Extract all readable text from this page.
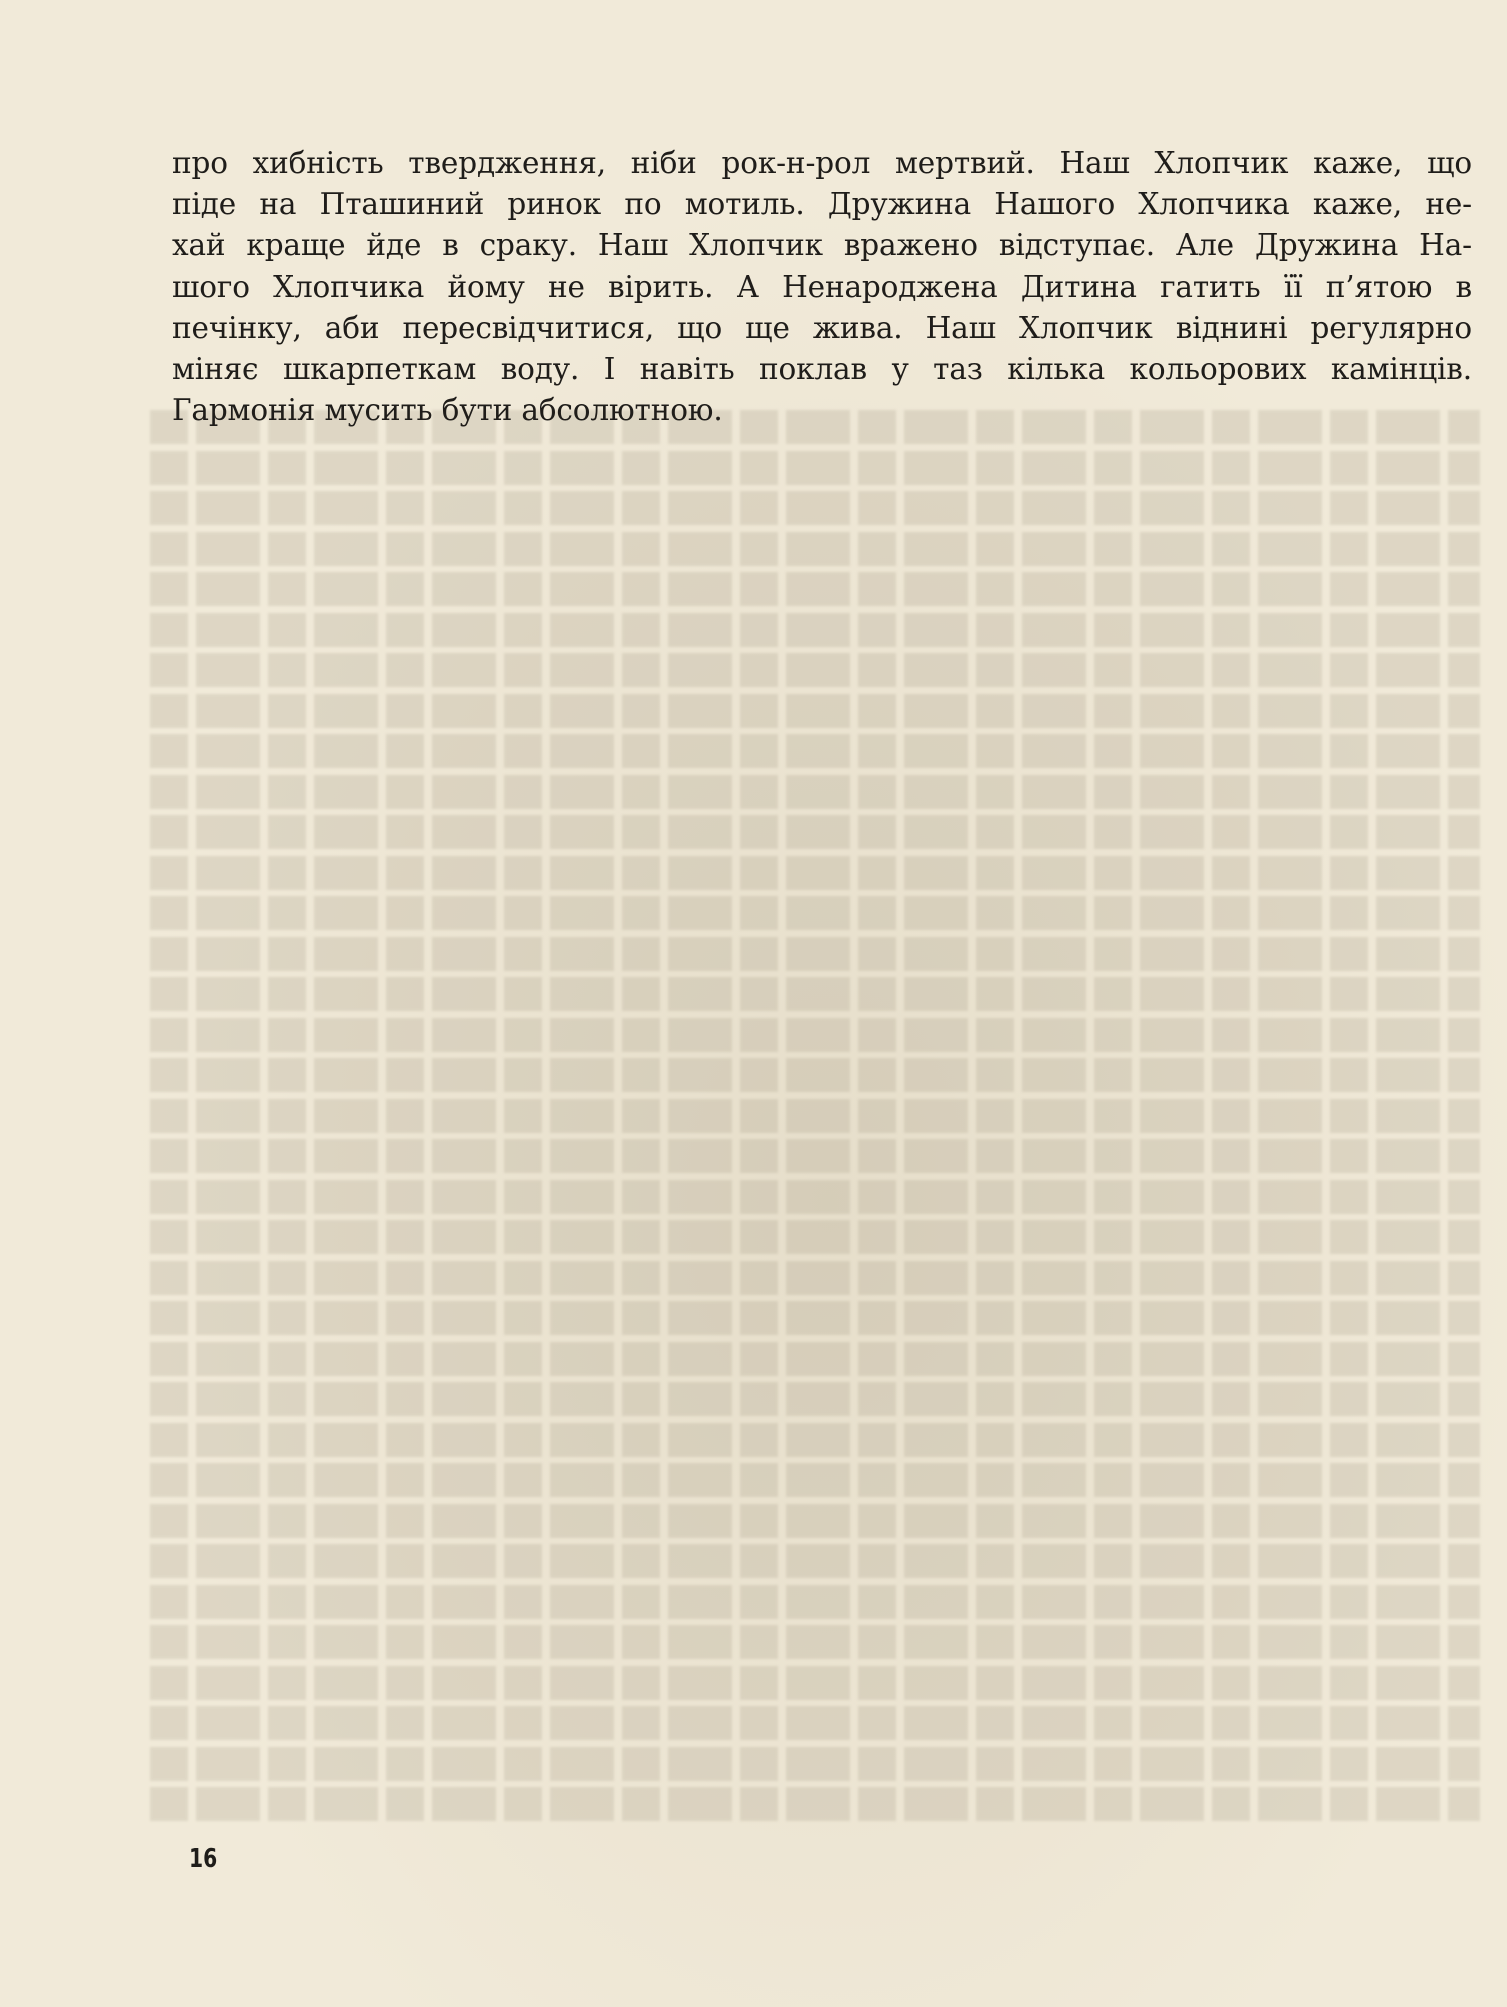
про хибність твердження, ніби рок-н-рол мертвий. Наш Хлопчик каже, що
піде на Пташиний ринок по мотиль. Дружина Нашого Хлопчика каже, не-
хай краще йде в сраку. Наш Хлопчик вражено відступає. Але Дружина На-
шого Хлопчика йому не вірить. А Ненароджена Дитина гатить її п’ятою в
печінку, аби пересвідчитися, що ще жива. Наш Хлопчик віднині регулярно
міняє шкарпеткам воду. І навіть поклав у таз кілька кольорових камінців.
Гармонія мусить бути абсолютною.
16
